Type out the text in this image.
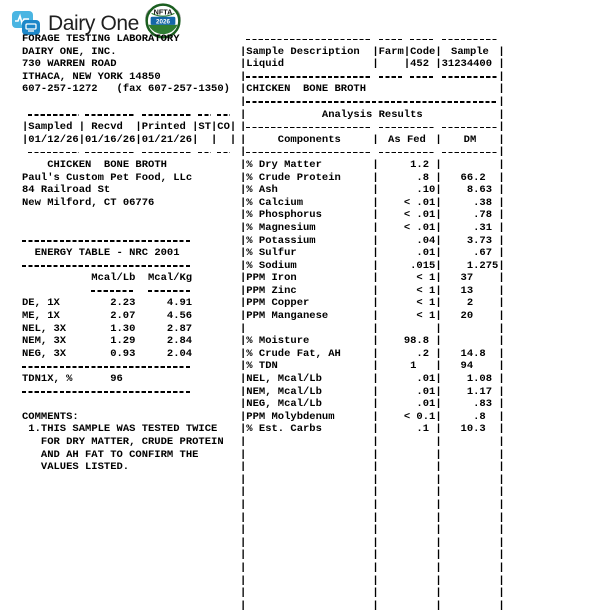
Dairy One NFTA
2026
FORAGE TESTING LABORATORY
DAIRY ONE, INC.
730 WARREN ROAD
ITHACA, NEW YORK 14850
607-257-1272   (fax 607-257-1350)
|
Sampled |	Recvd |	Printed |	ST | CO
|
|
01/12/26 | 01/16/26 | 01/21/26
|
|
|
CHICKEN  BONE BROTH
Paul's Custom Pet Food, LLc
84 Railroad St
New Milford, CT 06776
ENERGY TABLE - NRC 2001
Mcal/Lb	Mcal/Kg
DE, 1X	2.23	4.91
ME, 1X	2.07	4.56
NEL, 3X	1.30	2.87
NEM, 3X	1.29	2.84
NEG, 3X	0.93	2.04
TDN1X, %	96
COMMENTS:
1.THIS SAMPLE WAS TESTED TWICE
FOR DRY MATTER, CRUDE PROTEIN
AND AH FAT TO CONFIRM THE
VALUES LISTED.
|
Sample Description |	Farm | Code |	Sample
|
|
Liquid | |	452 |	31234400
|
|
|
|
CHICKEN  BONE BROTH
|
|
|
|
Analysis Results
|
|
|
|
Components |	As Fed |	DM
|
|
|
|
% Dry Matter |	1.2
|

|
|
% Crude Protein |	.8 | 66.2
|
|
% Ash |	.10 | 8.63
|
|
% Calcium |	< .01 | .38
|
|
% Phosphorus |	< .01 | .78
|
|
% Magnesium |	< .01 | .31
|
|
% Potassium |	.04 | 3.73
|
|
% Sulfur |	.01 | .67
|
|
% Sodium |	.015 | 1.275
|
|
PPM Iron |	< 1 | 37
|
|
PPM Zinc |	< 1 | 13
|
|
PPM Copper |	< 1 | 2
|
|
PPM Manganese |	< 1 | 20
|
|
|

|

|
|
% Moisture |	98.8
|

|
|
% Crude Fat, AH |	.2 | 14.8
|
|
% TDN |	1 | 94
|
|
NEL, Mcal/Lb |	.01 | 1.08
|
|
NEM, Mcal/Lb |	.01 | 1.17
|
|
NEG, Mcal/Lb |	.01 | .83
|
|
PPM Molybdenum |	< 0.1 | .8
|
|
% Est. Carbs |	.1 | 10.3
|
|
|
|
|
|
|
|
|
|
|
|
|
|
|
|
|
|
|
|
|
|
|
|
|
|
|
|
|
|
|
|
|
|
|
|
|
|
|
|
|
|
|
|
|
|
|
|
|
|
|
|
|
|
|
|
|
